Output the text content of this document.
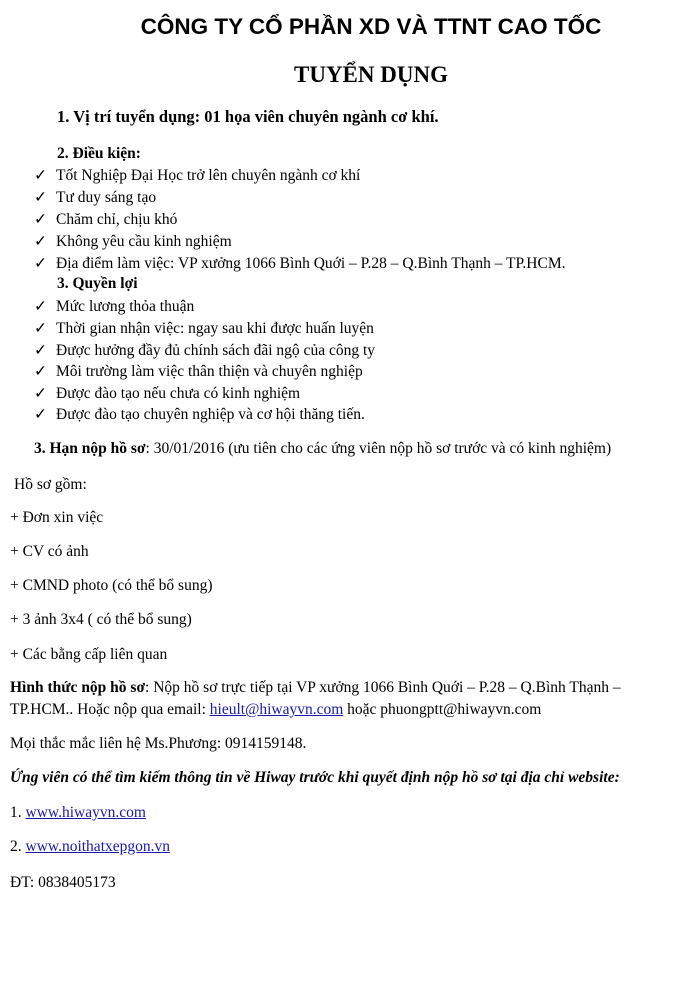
CÔNG TY CỔ PHẦN XD VÀ TTNT CAO TỐC
TUYỂN DỤNG
1. Vị trí tuyển dụng: 01 họa viên chuyên ngành cơ khí.
2. Điều kiện:
✓ Tốt Nghiệp Đại Học trở lên chuyên ngành cơ khí
✓ Tư duy sáng tạo
✓ Chăm chỉ, chịu khó
✓ Không yêu cầu kinh nghiệm
✓ Địa điểm làm việc: VP xưởng 1066 Bình Quới – P.28 – Q.Bình Thạnh – TP.HCM.
3. Quyền lợi
✓ Mức lương thỏa thuận
✓ Thời gian nhận việc: ngay sau khi được huấn luyện
✓ Được hưởng đầy đủ chính sách đãi ngộ của công ty
✓ Môi trường làm việc thân thiện và chuyên nghiệp
✓ Được đào tạo nếu chưa có kinh nghiệm
✓ Được đào tạo chuyên nghiệp và cơ hội thăng tiến.
3. Hạn nộp hồ sơ: 30/01/2016 (ưu tiên cho các ứng viên nộp hồ sơ trước và có kinh nghiệm)
Hồ sơ gồm:
+ Đơn xin việc
+ CV có ảnh
+ CMND photo (có thể bổ sung)
+ 3 ảnh 3x4 ( có thể bổ sung)
+ Các bằng cấp liên quan
Hình thức nộp hồ sơ: Nộp hồ sơ trực tiếp tại VP xưởng 1066 Bình Quới – P.28 – Q.Bình Thạnh –
TP.HCM.. Hoặc nộp qua email: hieult@hiwayvn.com hoặc phuongptt@hiwayvn.com
Mọi thắc mắc liên hệ Ms.Phương: 0914159148.
Ứng viên có thể tìm kiếm thông tin về Hiway trước khi quyết định nộp hồ sơ tại địa chỉ website:
1. www.hiwayvn.com
2. www.noithatxepgon.vn
ĐT: 0838405173
